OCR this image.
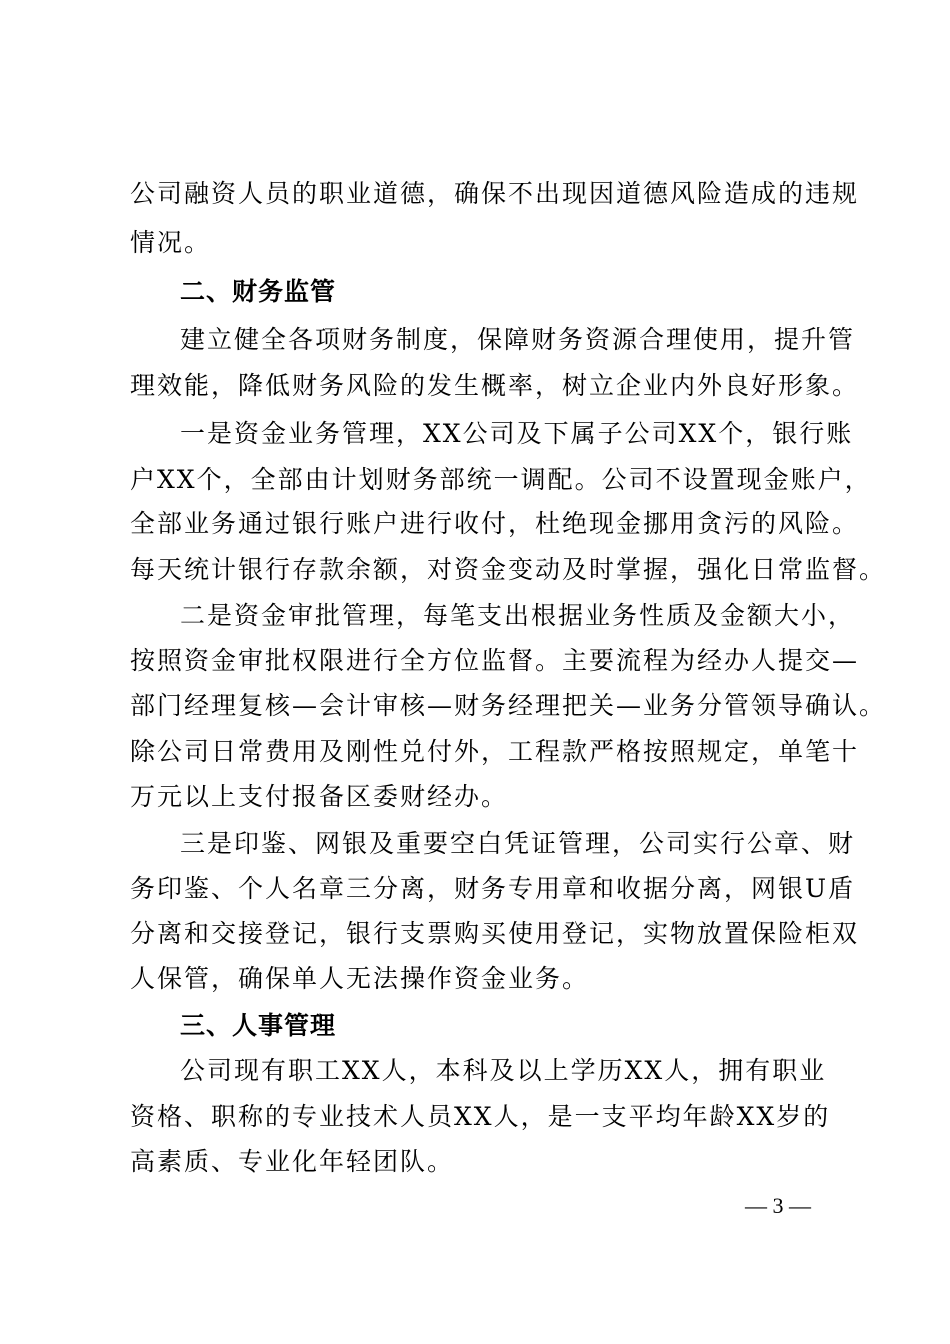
公司融资人员的职业道德，确保不出现因道德风险造成的违规
情况。
二、财务监管
建立健全各项财务制度，保障财务资源合理使用，提升管
理效能，降低财务风险的发生概率，树立企业内外良好形象。
一是资金业务管理，XX公司及下属子公司XX个，银行账
户XX个，全部由计划财务部统一调配。公司不设置现金账户，
全部业务通过银行账户进行收付，杜绝现金挪用贪污的风险。
每天统计银行存款余额，对资金变动及时掌握，强化日常监督。
二是资金审批管理，每笔支出根据业务性质及金额大小，
按照资金审批权限进行全方位监督。主要流程为经办人提交—
部门经理复核—会计审核—财务经理把关—业务分管领导确认。
除公司日常费用及刚性兑付外，工程款严格按照规定，单笔十
万元以上支付报备区委财经办。
三是印鉴、网银及重要空白凭证管理，公司实行公章、财
务印鉴、个人名章三分离，财务专用章和收据分离，网银U盾
分离和交接登记，银行支票购买使用登记，实物放置保险柜双
人保管，确保单人无法操作资金业务。
三、人事管理
公司现有职工XX人，本科及以上学历XX人，拥有职业
资格、职称的专业技术人员XX人，是一支平均年龄XX岁的
高素质、专业化年轻团队。
— 3 —
